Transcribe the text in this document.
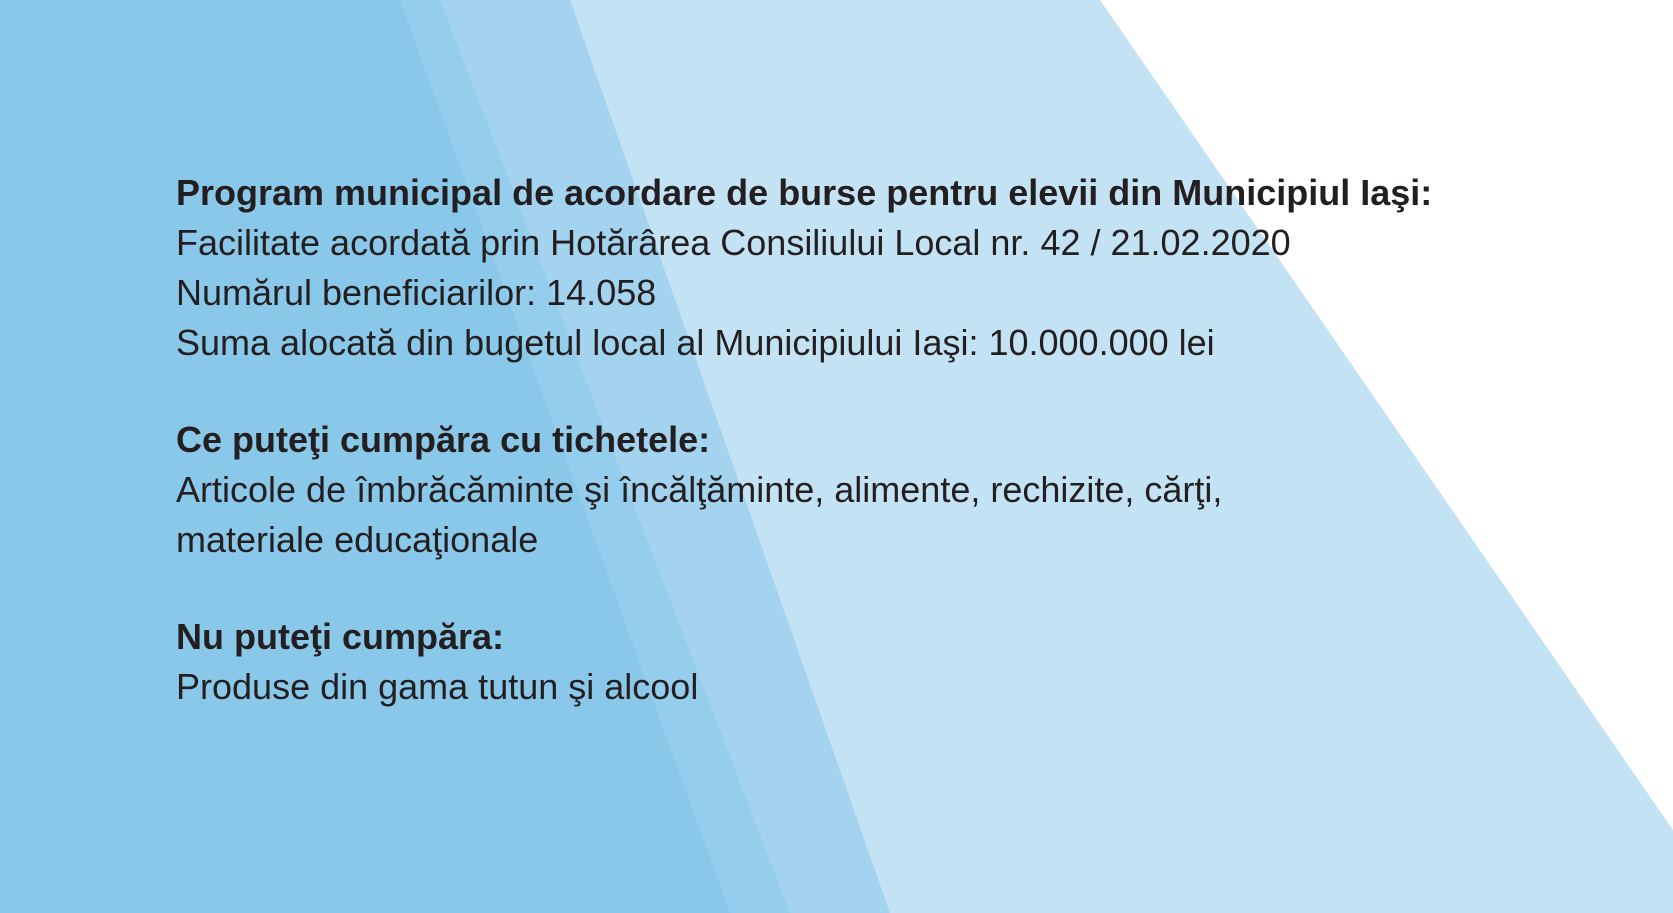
Program municipal de acordare de burse pentru elevii din Municipiul Iaşi:
Facilitate acordată prin Hotărârea Consiliului Local nr. 42 / 21.02.2020
Numărul beneficiarilor: 14.058
Suma alocată din bugetul local al Municipiului Iaşi: 10.000.000 lei
Ce puteţi cumpăra cu tichetele:
Articole de îmbrăcăminte şi încălţăminte, alimente, rechizite, cărţi,
materiale educaţionale
Nu puteţi cumpăra:
Produse din gama tutun şi alcool
